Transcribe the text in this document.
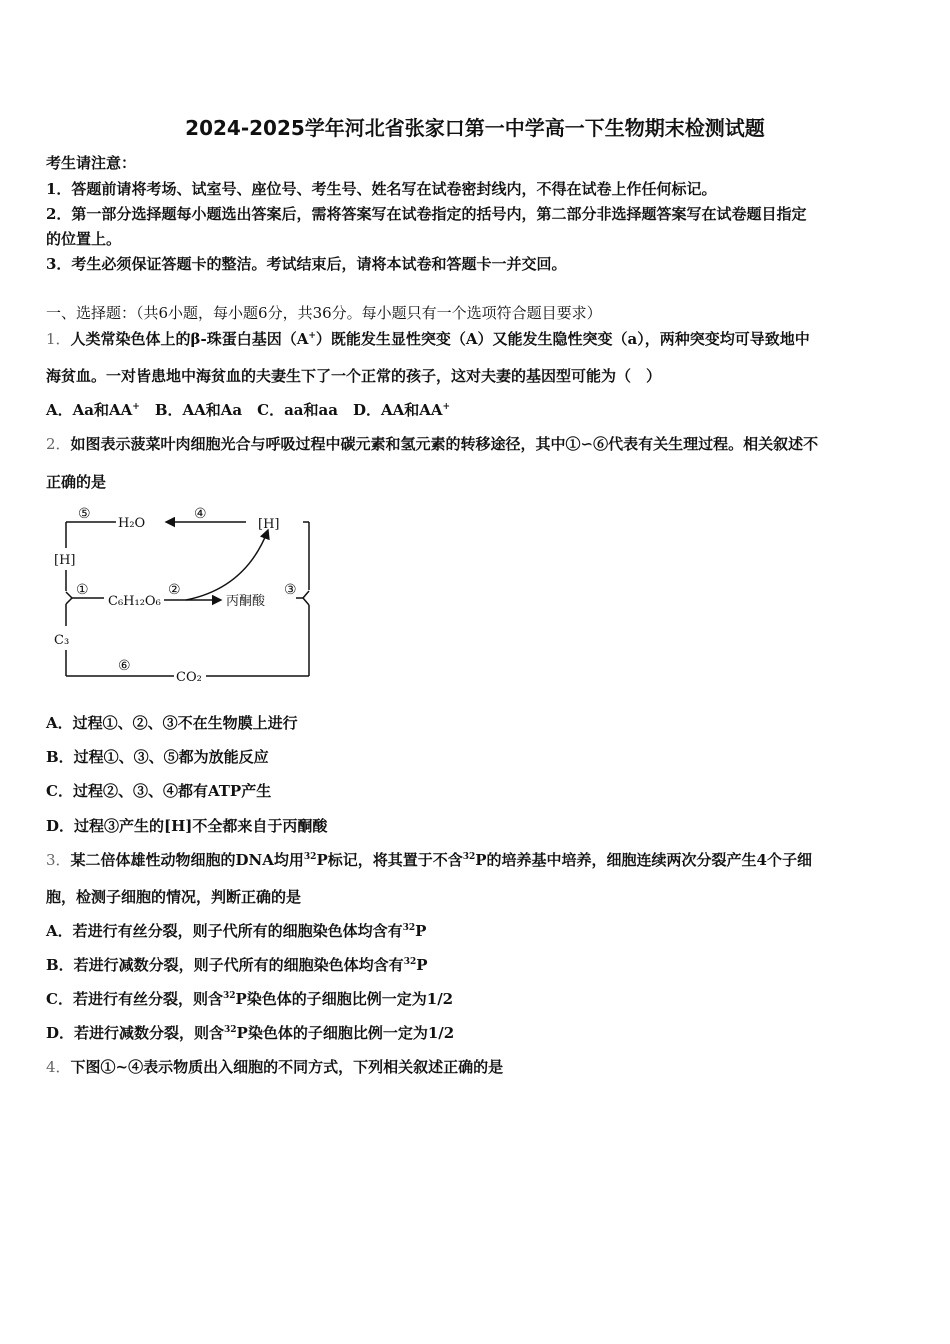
2024-2025学年河北省张家口第一中学高一下生物期末检测试题
考生请注意：
1．答题前请将考场、试室号、座位号、考生号、姓名写在试卷密封线内，不得在试卷上作任何标记。
2．第一部分选择题每小题选出答案后，需将答案写在试卷指定的括号内，第二部分非选择题答案写在试卷题目指定
的位置上。
3．考生必须保证答题卡的整洁。考试结束后，请将本试卷和答题卡一并交回。
一、选择题：（共6小题，每小题6分，共36分。每小题只有一个选项符合题目要求）
1．人类常染色体上的β-珠蛋白基因（A+）既能发生显性突变（A）又能发生隐性突变（a），两种突变均可导致地中
海贫血。一对皆患地中海贫血的夫妻生下了一个正常的孩子，这对夫妻的基因型可能为（　）
A．Aa和AA+　B．AA和Aa　C．aa和aa　D．AA和AA+
2．如图表示菠菜叶肉细胞光合与呼吸过程中碳元素和氢元素的转移途径，其中①∽⑥代表有关生理过程。相关叙述不
正确的是
⑤
H₂O
④
[H]
[H]
①
C₆H₁₂O₆
②
丙酮酸
③
C₃
⑥
CO₂
A．过程①、②、③不在生物膜上进行
B．过程①、③、⑤都为放能反应
C．过程②、③、④都有ATP产生
D．过程③产生的[H]不全都来自于丙酮酸
3．某二倍体雄性动物细胞的DNA均用$^{32}$P标记，将其置于不含$^{32}$P的培养基中培养，细胞连续两次分裂产生4个子细
胞，检测子细胞的情况，判断正确的是
A．若进行有丝分裂，则子代所有的细胞染色体均含有$^{32}$P
B．若进行减数分裂，则子代所有的细胞染色体均含有$^{32}$P
C．若进行有丝分裂，则含$^{32}$P染色体的子细胞比例一定为1/2
D．若进行减数分裂，则含$^{32}$P染色体的子细胞比例一定为1/2
4．下图①~④表示物质出入细胞的不同方式，下列相关叙述正确的是
